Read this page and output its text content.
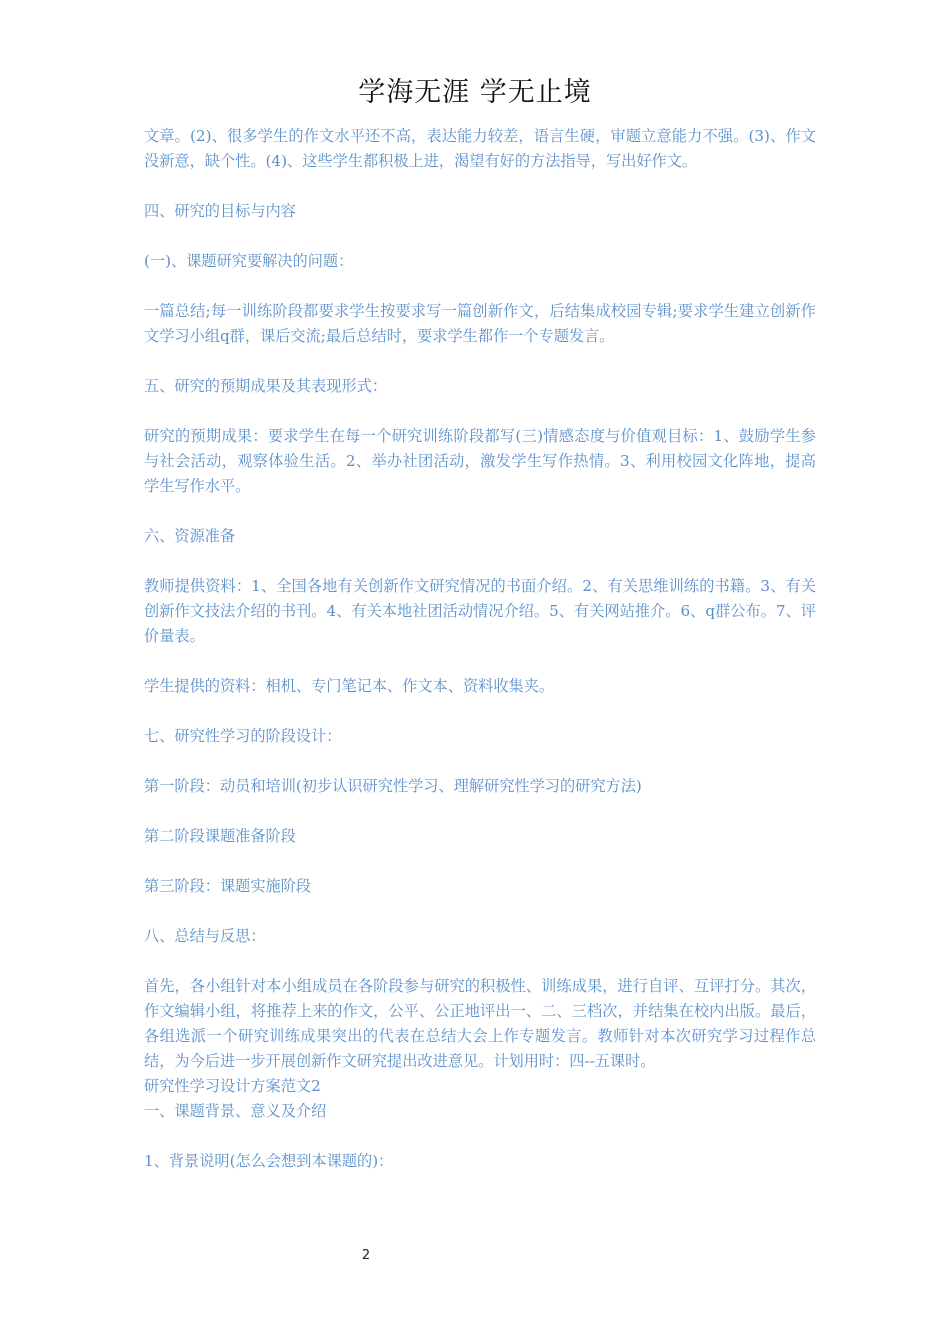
学海无涯 学无止境

文章。(2)、很多学生的作文水平还不高，表达能力较差，语言生硬，审题立意能力不强。(3)、作文没新意，缺个性。(4)、这些学生都积极上进，渴望有好的方法指导，写出好作文。

四、研究的目标与内容

(一)、课题研究要解决的问题：

一篇总结;每一训练阶段都要求学生按要求写一篇创新作文，后结集成校园专辑;要求学生建立创新作文学习小组q群，课后交流;最后总结时，要求学生都作一个专题发言。

五、研究的预期成果及其表现形式：

研究的预期成果：要求学生在每一个研究训练阶段都写(三)情感态度与价值观目标：1、鼓励学生参与社会活动，观察体验生活。2、举办社团活动，激发学生写作热情。3、利用校园文化阵地，提高学生写作水平。

六、资源准备

教师提供资料：1、全国各地有关创新作文研究情况的书面介绍。2、有关思维训练的书籍。3、有关创新作文技法介绍的书刊。4、有关本地社团活动情况介绍。5、有关网站推介。6、q群公布。7、评价量表。

学生提供的资料：相机、专门笔记本、作文本、资料收集夹。

七、研究性学习的阶段设计：

第一阶段：动员和培训(初步认识研究性学习、理解研究性学习的研究方法)

第二阶段课题准备阶段

第三阶段：课题实施阶段

八、总结与反思：

首先，各小组针对本小组成员在各阶段参与研究的积极性、训练成果，进行自评、互评打分。其次，作文编辑小组，将推荐上来的作文，公平、公正地评出一、二、三档次，并结集在校内出版。最后，各组选派一个研究训练成果突出的代表在总结大会上作专题发言。教师针对本次研究学习过程作总结，为今后进一步开展创新作文研究提出改进意见。计划用时：四--五课时。

研究性学习设计方案范文2

一、课题背景、意义及介绍

1、背景说明(怎么会想到本课题的)：

2
